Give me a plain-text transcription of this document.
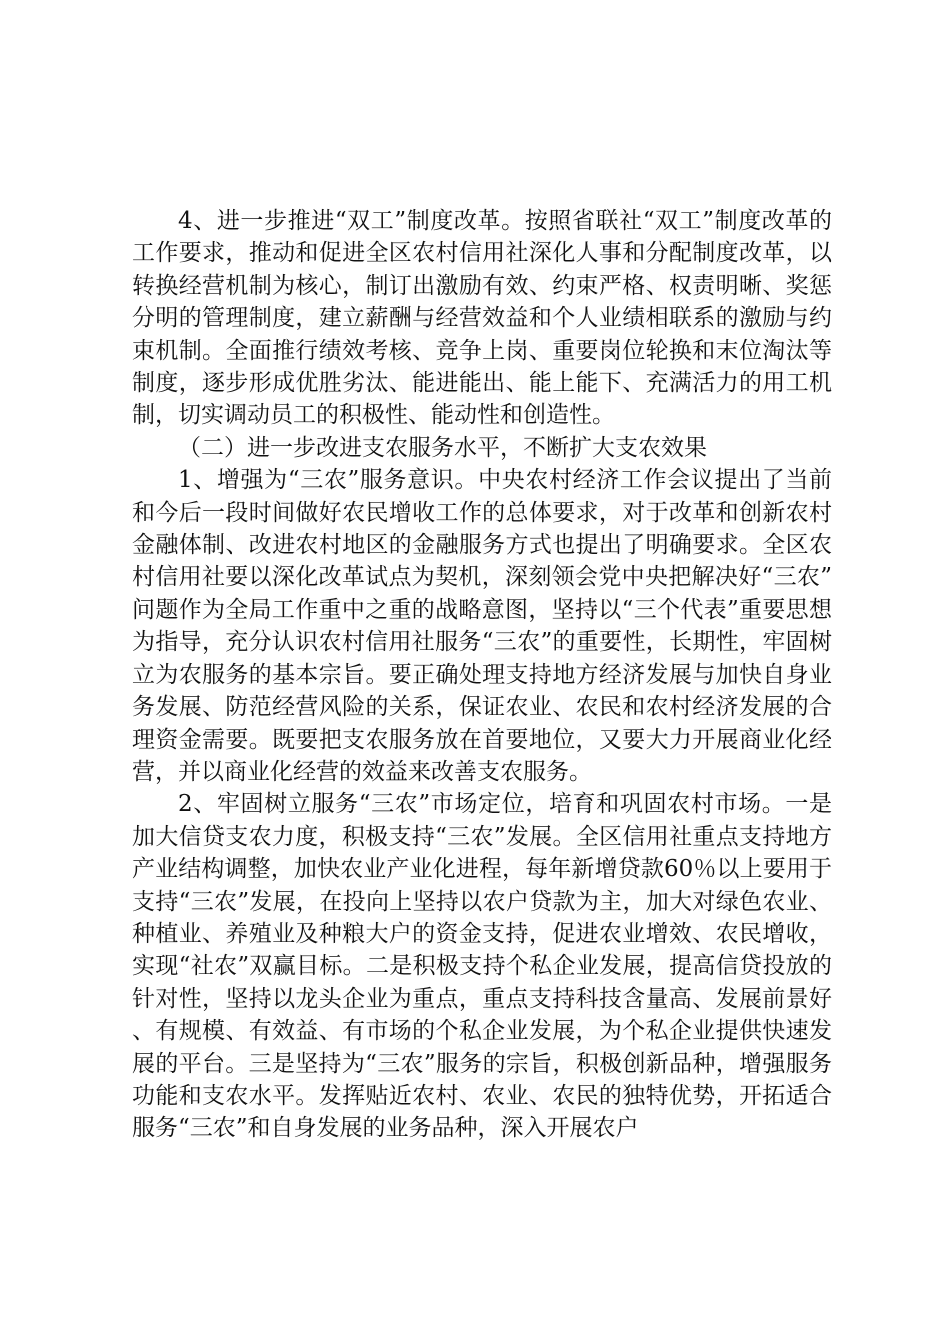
4、进一步推进“双工”制度改革。按照省联社“双工”制度改革的工作要求，推动和促进全区农村信用社深化人事和分配制度改革，以转换经营机制为核心，制订出激励有效、约束严格、权责明晰、奖惩分明的管理制度，建立薪酬与经营效益和个人业绩相联系的激励与约束机制。全面推行绩效考核、竞争上岗、重要岗位轮换和末位淘汰等制度，逐步形成优胜劣汰、能进能出、能上能下、充满活力的用工机制，切实调动员工的积极性、能动性和创造性。

（二）进一步改进支农服务水平，不断扩大支农效果

1、增强为“三农”服务意识。中央农村经济工作会议提出了当前和今后一段时间做好农民增收工作的总体要求，对于改革和创新农村金融体制、改进农村地区的金融服务方式也提出了明确要求。全区农村信用社要以深化改革试点为契机，深刻领会党中央把解决好“三农”问题作为全局工作重中之重的战略意图，坚持以“三个代表”重要思想为指导，充分认识农村信用社服务“三农”的重要性，长期性，牢固树立为农服务的基本宗旨。要正确处理支持地方经济发展与加快自身业务发展、防范经营风险的关系，保证农业、农民和农村经济发展的合理资金需要。既要把支农服务放在首要地位，又要大力开展商业化经营，并以商业化经营的效益来改善支农服务。

2、牢固树立服务“三农”市场定位，培育和巩固农村市场。一是加大信贷支农力度，积极支持“三农”发展。全区信用社重点支持地方产业结构调整，加快农业产业化进程，每年新增贷款60％以上要用于支持“三农”发展，在投向上坚持以农户贷款为主，加大对绿色农业、种植业、养殖业及种粮大户的资金支持，促进农业增效、农民增收，实现“社农”双赢目标。二是积极支持个私企业发展，提高信贷投放的针对性，坚持以龙头企业为重点，重点支持科技含量高、发展前景好、有规模、有效益、有市场的个私企业发展，为个私企业提供快速发展的平台。三是坚持为“三农”服务的宗旨，积极创新品种，增强服务功能和支农水平。发挥贴近农村、农业、农民的独特优势，开拓适合服务“三农”和自身发展的业务品种，深入开展农户
